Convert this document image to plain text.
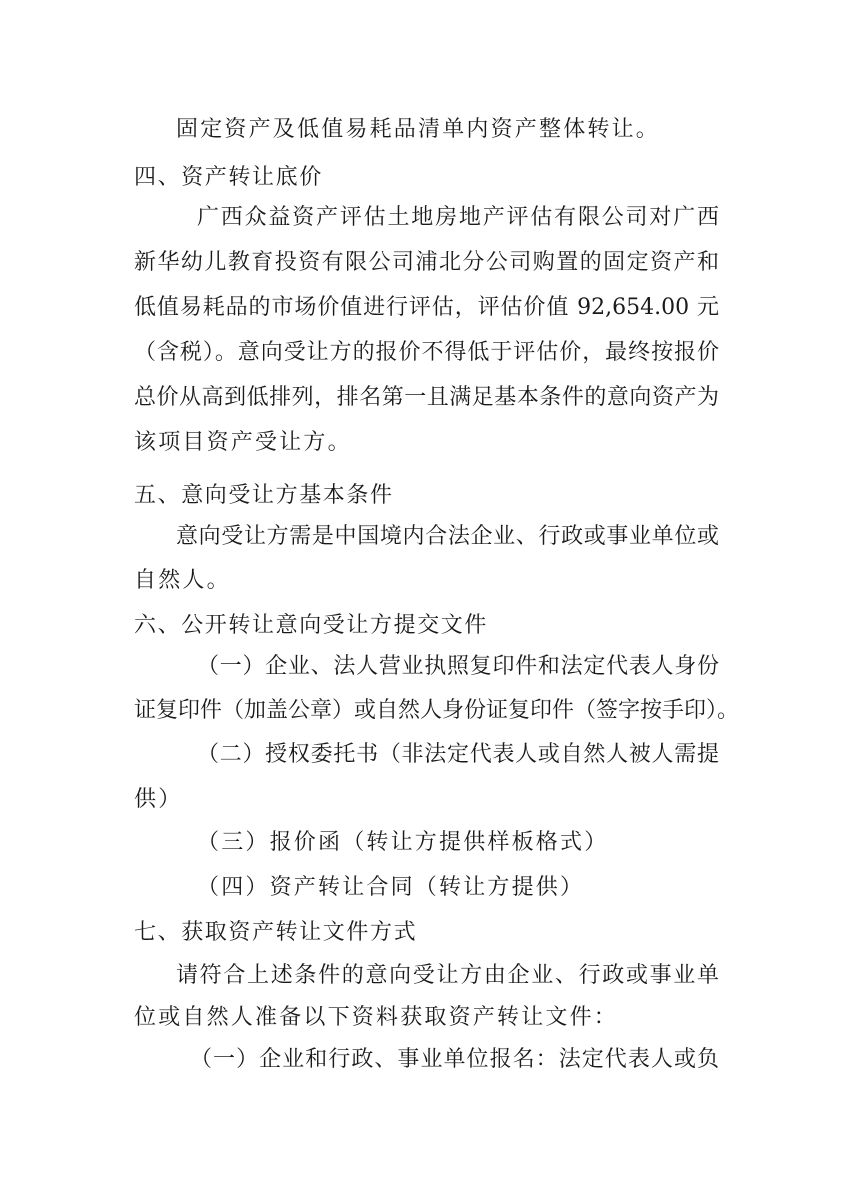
固定资产及低值易耗品清单内资产整体转让。
四、资产转让底价
广西众益资产评估土地房地产评估有限公司对广西
新华幼儿教育投资有限公司浦北分公司购置的固定资产和
低值易耗品的市场价值进行评估，评估价值 92,654.00 元
（含税）。意向受让方的报价不得低于评估价，最终按报价
总价从高到低排列，排名第一且满足基本条件的意向资产为
该项目资产受让方。
五、意向受让方基本条件
意向受让方需是中国境内合法企业、行政或事业单位或
自然人。
六、公开转让意向受让方提交文件
（一）企业、法人营业执照复印件和法定代表人身份
证复印件（加盖公章）或自然人身份证复印件（签字按手印）。
（二）授权委托书（非法定代表人或自然人被人需提
供）
（三）报价函（转让方提供样板格式）
（四）资产转让合同（转让方提供）
七、获取资产转让文件方式
请符合上述条件的意向受让方由企业、行政或事业单
位或自然人准备以下资料获取资产转让文件：
（一）企业和行政、事业单位报名：法定代表人或负
